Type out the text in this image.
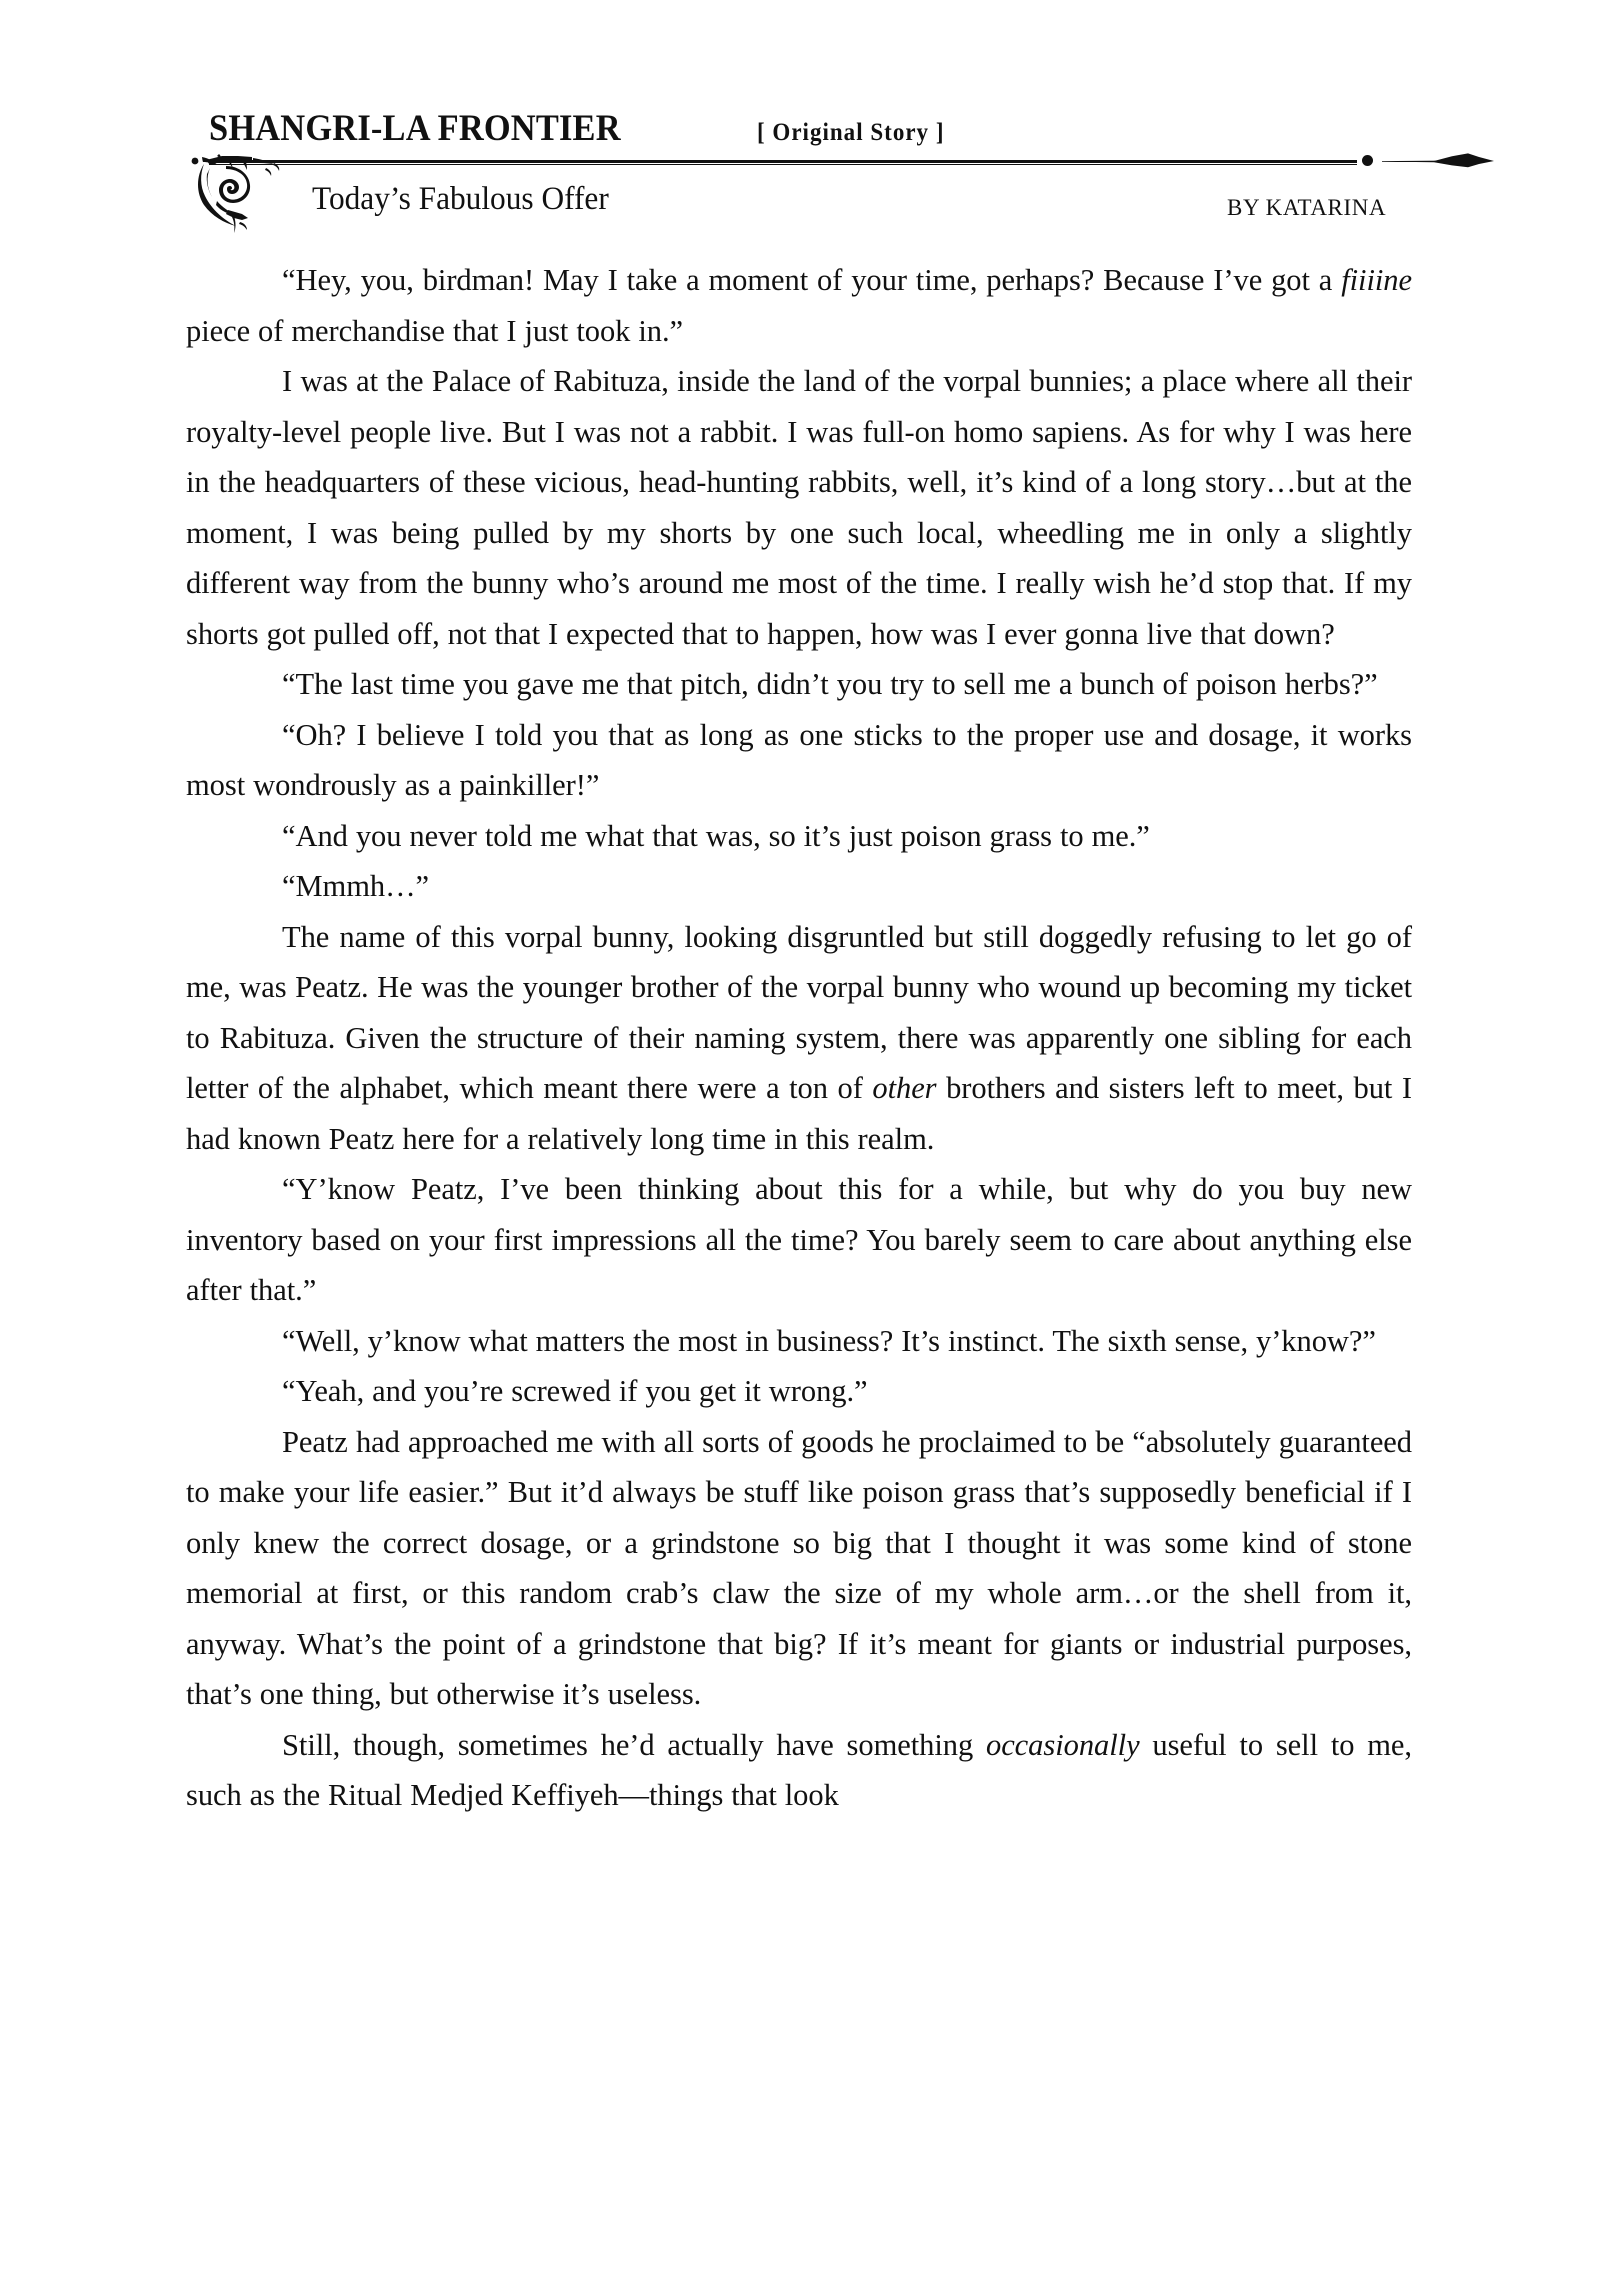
SHANGRI-LA FRONTIER	[ Original Story ]
Today’s Fabulous Offer	BY KATARINA

“Hey, you, birdman! May I take a moment of your time, perhaps? Because I’ve got a fiiiine piece of merchandise that I just took in.”

I was at the Palace of Rabituza, inside the land of the vorpal bunnies; a place where all their royalty-level people live. But I was not a rabbit. I was full-on homo sapiens. As for why I was here in the headquarters of these vicious, head-hunting rabbits, well, it’s kind of a long story…but at the moment, I was being pulled by my shorts by one such local, wheedling me in only a slightly different way from the bunny who’s around me most of the time. I really wish he’d stop that. If my shorts got pulled off, not that I expected that to happen, how was I ever gonna live that down?

“The last time you gave me that pitch, didn’t you try to sell me a bunch of poison herbs?”

“Oh? I believe I told you that as long as one sticks to the proper use and dosage, it works most wondrously as a painkiller!”

“And you never told me what that was, so it’s just poison grass to me.”

“Mmmh…”

The name of this vorpal bunny, looking disgruntled but still doggedly refusing to let go of me, was Peatz. He was the younger brother of the vorpal bunny who wound up becoming my ticket to Rabituza. Given the structure of their naming system, there was apparently one sibling for each letter of the alphabet, which meant there were a ton of other brothers and sisters left to meet, but I had known Peatz here for a relatively long time in this realm.

“Y’know Peatz, I’ve been thinking about this for a while, but why do you buy new inventory based on your first impressions all the time? You barely seem to care about anything else after that.”

“Well, y’know what matters the most in business? It’s instinct. The sixth sense, y’know?”

“Yeah, and you’re screwed if you get it wrong.”

Peatz had approached me with all sorts of goods he proclaimed to be “absolutely guaranteed to make your life easier.” But it’d always be stuff like poison grass that’s supposedly beneficial if I only knew the correct dosage, or a grindstone so big that I thought it was some kind of stone memorial at first, or this random crab’s claw the size of my whole arm…or the shell from it, anyway. What’s the point of a grindstone that big? If it’s meant for giants or industrial purposes, that’s one thing, but otherwise it’s useless.

Still, though, sometimes he’d actually have something occasionally useful to sell to me, such as the Ritual Medjed Keffiyeh—things that look
